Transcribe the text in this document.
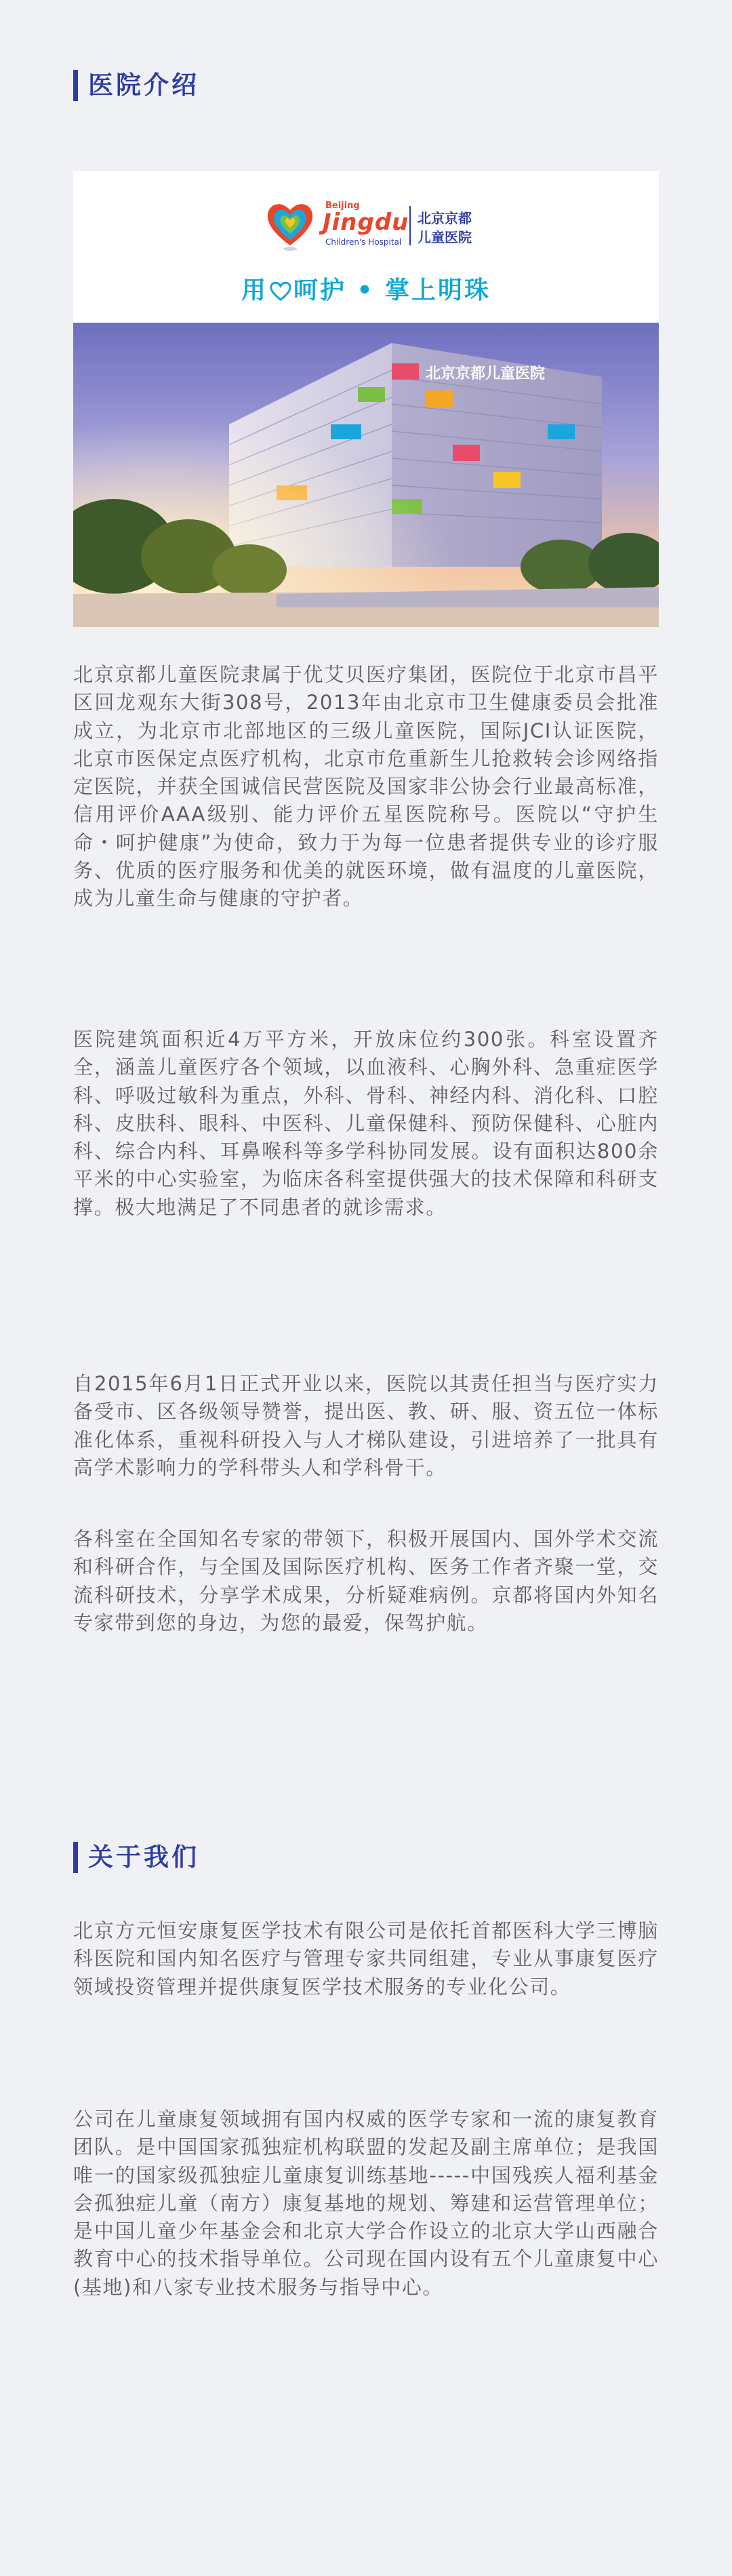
医院介绍
Beijing
Jingdu
Children's Hospital
北京京都
儿童医院
用 呵护 • 掌上明珠

北京京都儿童医院隶属于优艾贝医疗集团，医院位于北京市昌平区回龙观东大街308号，2013年由北京市卫生健康委员会批准成立，为北京市北部地区的三级儿童医院，国际JCI认证医院，北京市医保定点医疗机构，北京市危重新生儿抢救转会诊网络指定医院，并获全国诚信民营医院及国家非公协会行业最高标准，信用评价AAA级别、能力评价五星医院称号。医院以“守护生命・呵护健康”为使命，致力于为每一位患者提供专业的诊疗服务、优质的医疗服务和优美的就医环境，做有温度的儿童医院，成为儿童生命与健康的守护者。

医院建筑面积近4万平方米，开放床位约300张。科室设置齐全，涵盖儿童医疗各个领域，以血液科、心胸外科、急重症医学科、呼吸过敏科为重点，外科、骨科、神经内科、消化科、口腔科、皮肤科、眼科、中医科、儿童保健科、预防保健科、心脏内科、综合内科、耳鼻喉科等多学科协同发展。设有面积达800余平米的中心实验室，为临床各科室提供强大的技术保障和科研支撑。极大地满足了不同患者的就诊需求。

自2015年6月1日正式开业以来，医院以其责任担当与医疗实力备受市、区各级领导赞誉，提出医、教、研、服、资五位一体标准化体系，重视科研投入与人才梯队建设，引进培养了一批具有高学术影响力的学科带头人和学科骨干。

各科室在全国知名专家的带领下，积极开展国内、国外学术交流和科研合作，与全国及国际医疗机构、医务工作者齐聚一堂，交流科研技术，分享学术成果，分析疑难病例。京都将国内外知名专家带到您的身边，为您的最爱，保驾护航。

关于我们

北京方元恒安康复医学技术有限公司是依托首都医科大学三博脑科医院和国内知名医疗与管理专家共同组建，专业从事康复医疗领域投资管理并提供康复医学技术服务的专业化公司。

公司在儿童康复领域拥有国内权威的医学专家和一流的康复教育团队。是中国国家孤独症机构联盟的发起及副主席单位；是我国唯一的国家级孤独症儿童康复训练基地-----中国残疾人福利基金会孤独症儿童（南方）康复基地的规划、筹建和运营管理单位；是中国儿童少年基金会和北京大学合作设立的北京大学山西融合教育中心的技术指导单位。公司现在国内设有五个儿童康复中心(基地)和八家专业技术服务与指导中心。
